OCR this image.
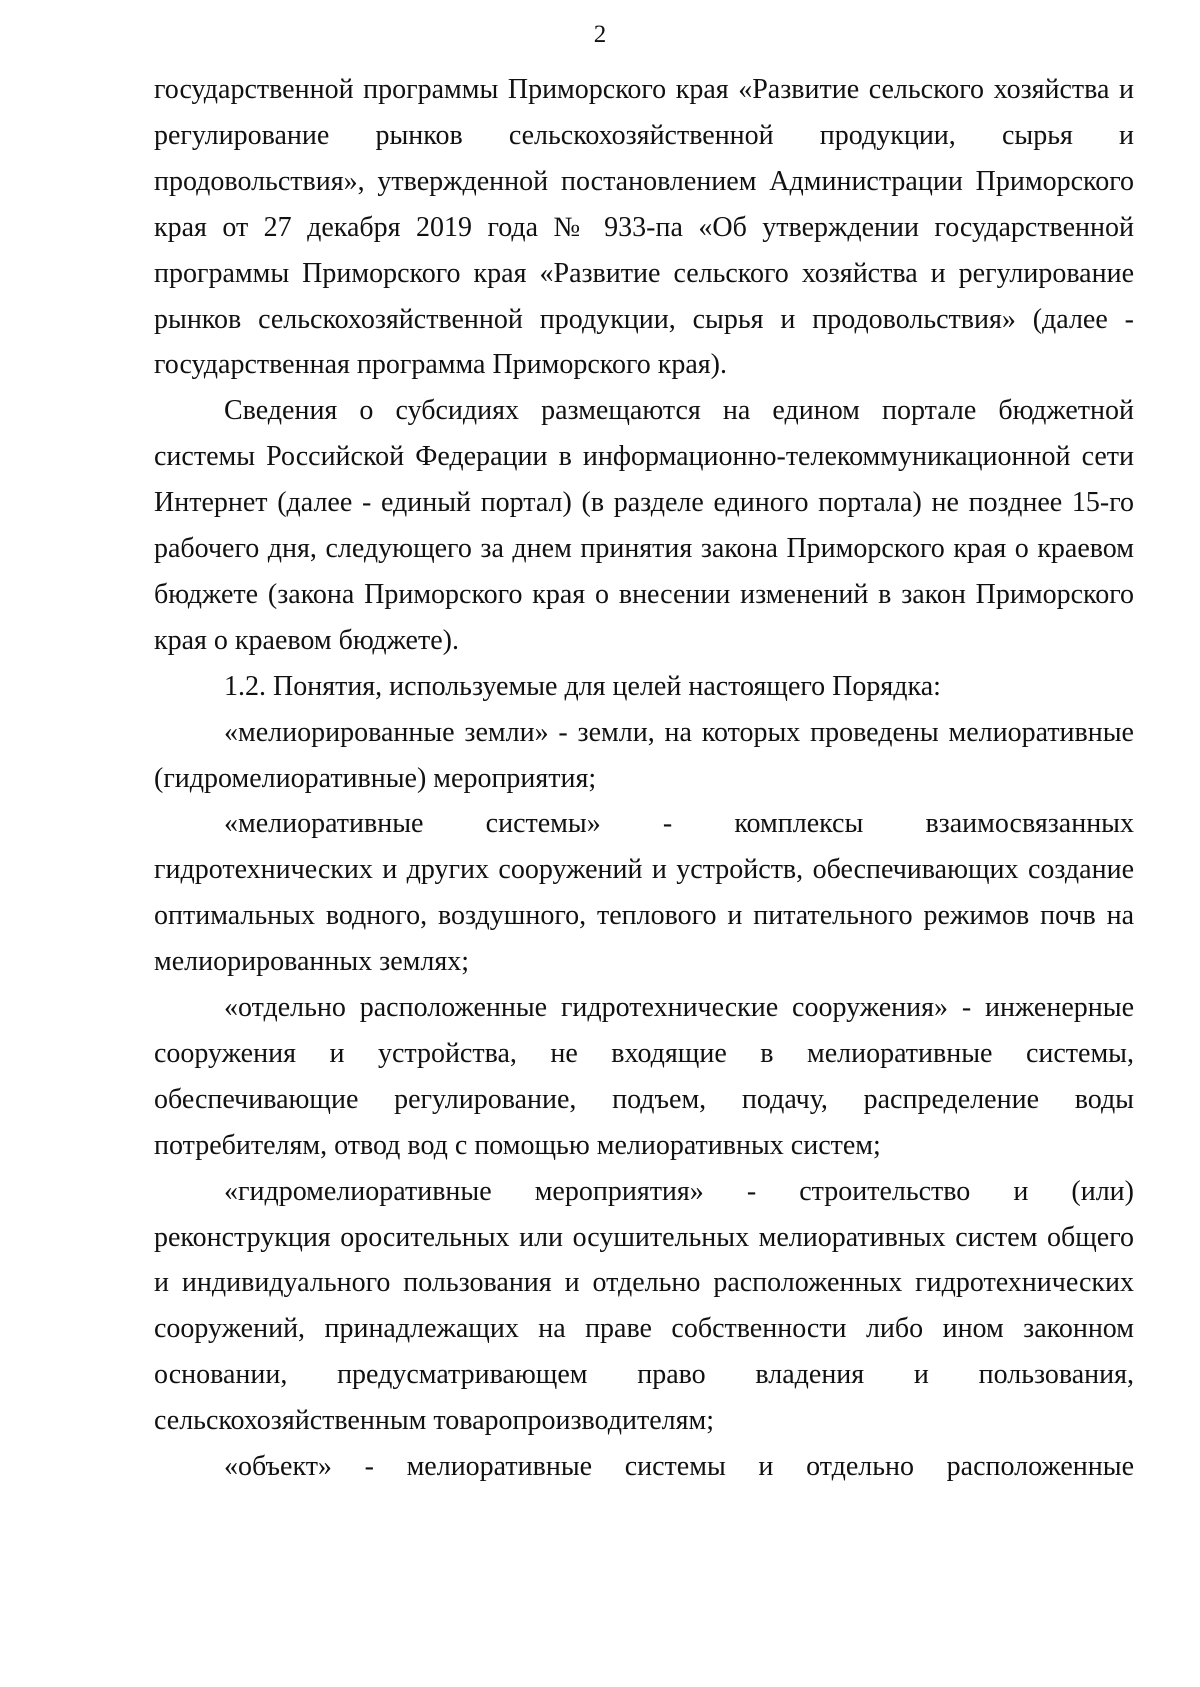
2
государственной программы Приморского края «Развитие сельского хозяйства и
регулирование рынков сельскохозяйственной продукции, сырья и
продовольствия», утвержденной постановлением Администрации Приморского
края от 27 декабря 2019 года № 933-па «Об утверждении государственной
программы Приморского края «Развитие сельского хозяйства и регулирование
рынков сельскохозяйственной продукции, сырья и продовольствия» (далее -
государственная программа Приморского края).
Сведения о субсидиях размещаются на едином портале бюджетной
системы Российской Федерации в информационно-телекоммуникационной сети
Интернет (далее - единый портал) (в разделе единого портала) не позднее 15-го
рабочего дня, следующего за днем принятия закона Приморского края о краевом
бюджете (закона Приморского края о внесении изменений в закон Приморского
края о краевом бюджете).
1.2. Понятия, используемые для целей настоящего Порядка:
«мелиорированные земли» - земли, на которых проведены мелиоративные
(гидромелиоративные) мероприятия;
«мелиоративные системы» - комплексы взаимосвязанных
гидротехнических и других сооружений и устройств, обеспечивающих создание
оптимальных водного, воздушного, теплового и питательного режимов почв на
мелиорированных землях;
«отдельно расположенные гидротехнические сооружения» - инженерные
сооружения и устройства, не входящие в мелиоративные системы,
обеспечивающие регулирование, подъем, подачу, распределение воды
потребителям, отвод вод с помощью мелиоративных систем;
«гидромелиоративные мероприятия» - строительство и (или)
реконструкция оросительных или осушительных мелиоративных систем общего
и индивидуального пользования и отдельно расположенных гидротехнических
сооружений, принадлежащих на праве собственности либо ином законном
основании, предусматривающем право владения и пользования,
сельскохозяйственным товаропроизводителям;
«объект» - мелиоративные системы и отдельно расположенные
